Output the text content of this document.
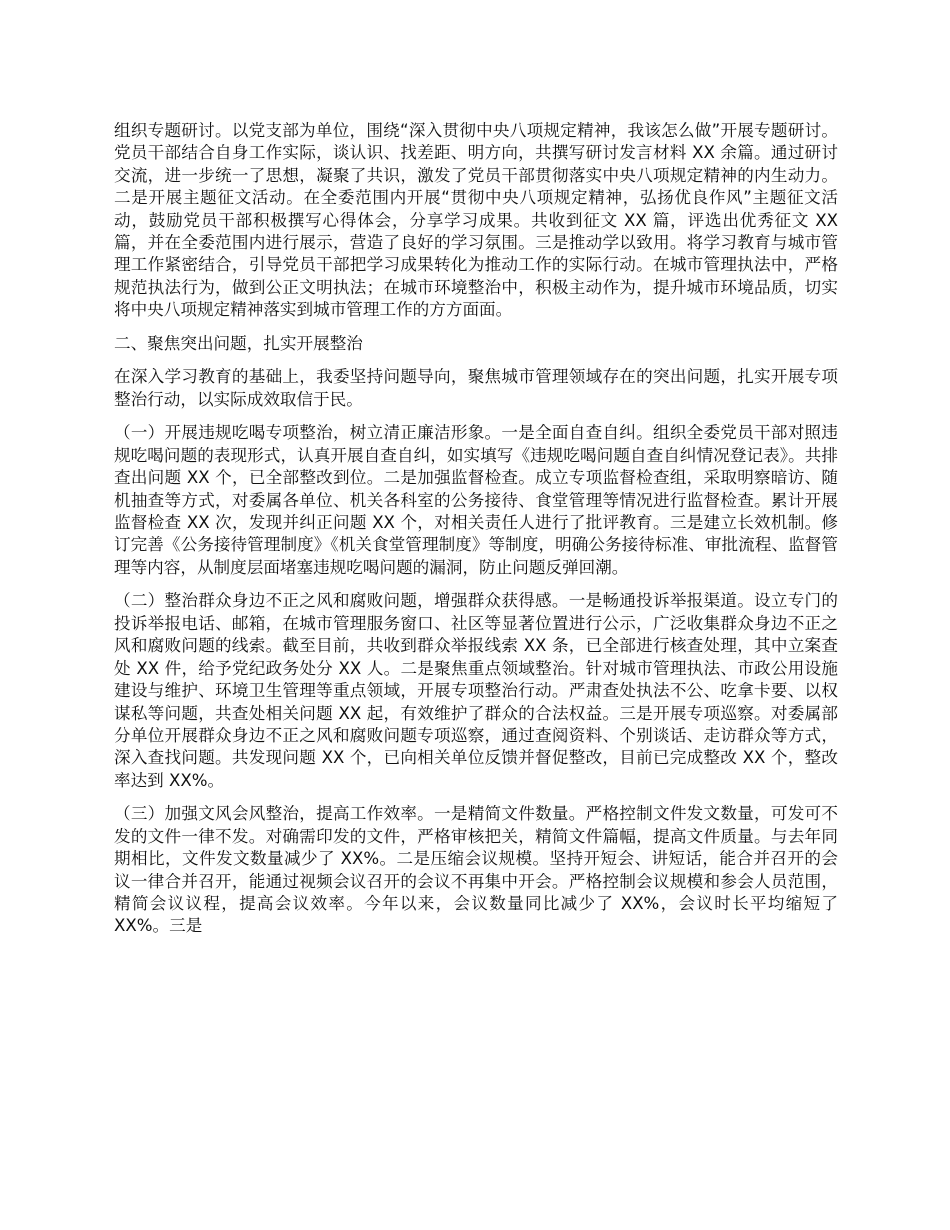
组织专题研讨。以党支部为单位，围绕“深入贯彻中央八项规定精神，我该怎么做”开展专题研讨。党员干部结合自身工作实际，谈认识、找差距、明方向，共撰写研讨发言材料 XX 余篇。通过研讨交流，进一步统一了思想，凝聚了共识，激发了党员干部贯彻落实中央八项规定精神的内生动力。二是开展主题征文活动。在全委范围内开展“贯彻中央八项规定精神，弘扬优良作风”主题征文活动，鼓励党员干部积极撰写心得体会，分享学习成果。共收到征文 XX 篇，评选出优秀征文 XX 篇，并在全委范围内进行展示，营造了良好的学习氛围。三是推动学以致用。将学习教育与城市管理工作紧密结合，引导党员干部把学习成果转化为推动工作的实际行动。在城市管理执法中，严格规范执法行为，做到公正文明执法；在城市环境整治中，积极主动作为，提升城市环境品质，切实将中央八项规定精神落实到城市管理工作的方方面面。

二、聚焦突出问题，扎实开展整治

在深入学习教育的基础上，我委坚持问题导向，聚焦城市管理领域存在的突出问题，扎实开展专项整治行动，以实际成效取信于民。

（一）开展违规吃喝专项整治，树立清正廉洁形象。一是全面自查自纠。组织全委党员干部对照违规吃喝问题的表现形式，认真开展自查自纠，如实填写《违规吃喝问题自查自纠情况登记表》。共排查出问题 XX 个，已全部整改到位。二是加强监督检查。成立专项监督检查组，采取明察暗访、随机抽查等方式，对委属各单位、机关各科室的公务接待、食堂管理等情况进行监督检查。累计开展监督检查 XX 次，发现并纠正问题 XX 个，对相关责任人进行了批评教育。三是建立长效机制。修订完善《公务接待管理制度》《机关食堂管理制度》等制度，明确公务接待标准、审批流程、监督管理等内容，从制度层面堵塞违规吃喝问题的漏洞，防止问题反弹回潮。

（二）整治群众身边不正之风和腐败问题，增强群众获得感。一是畅通投诉举报渠道。设立专门的投诉举报电话、邮箱，在城市管理服务窗口、社区等显著位置进行公示，广泛收集群众身边不正之风和腐败问题的线索。截至目前，共收到群众举报线索 XX 条，已全部进行核查处理，其中立案查处 XX 件，给予党纪政务处分 XX 人。二是聚焦重点领域整治。针对城市管理执法、市政公用设施建设与维护、环境卫生管理等重点领域，开展专项整治行动。严肃查处执法不公、吃拿卡要、以权谋私等问题，共查处相关问题 XX 起，有效维护了群众的合法权益。三是开展专项巡察。对委属部分单位开展群众身边不正之风和腐败问题专项巡察，通过查阅资料、个别谈话、走访群众等方式，深入查找问题。共发现问题 XX 个，已向相关单位反馈并督促整改，目前已完成整改 XX 个，整改率达到 XX%。

（三）加强文风会风整治，提高工作效率。一是精简文件数量。严格控制文件发文数量，可发可不发的文件一律不发。对确需印发的文件，严格审核把关，精简文件篇幅，提高文件质量。与去年同期相比，文件发文数量减少了 XX%。二是压缩会议规模。坚持开短会、讲短话，能合并召开的会议一律合并召开，能通过视频会议召开的会议不再集中开会。严格控制会议规模和参会人员范围，精简会议议程，提高会议效率。今年以来，会议数量同比减少了 XX%，会议时长平均缩短了 XX%。三是
